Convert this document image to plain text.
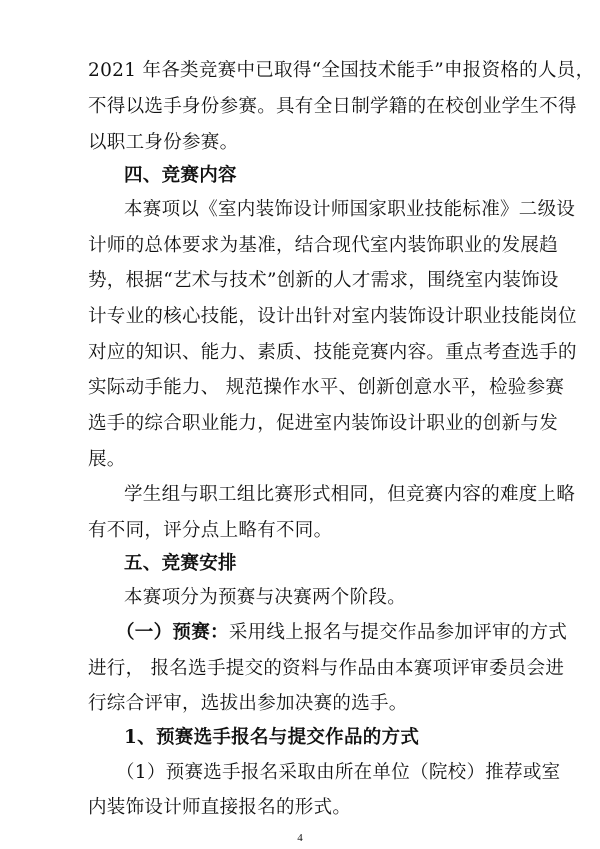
2021 年各类竞赛中已取得“全国技术能手”申报资格的人员，
不得以选手身份参赛。具有全日制学籍的在校创业学生不得
以职工身份参赛。
四、竞赛内容
本赛项以《室内装饰设计师国家职业技能标准》二级设
计师的总体要求为基准，结合现代室内装饰职业的发展趋
势，根据“艺术与技术”创新的人才需求，围绕室内装饰设
计专业的核心技能，设计出针对室内装饰设计职业技能岗位
对应的知识、能力、素质、技能竞赛内容。重点考查选手的
实际动手能力、 规范操作水平、创新创意水平，检验参赛
选手的综合职业能力，促进室内装饰设计职业的创新与发
展。
学生组与职工组比赛形式相同，但竞赛内容的难度上略
有不同，评分点上略有不同。
五、竞赛安排
本赛项分为预赛与决赛两个阶段。
（一）预赛：采用线上报名与提交作品参加评审的方式
进行， 报名选手提交的资料与作品由本赛项评审委员会进
行综合评审，选拔出参加决赛的选手。
1、预赛选手报名与提交作品的方式
（1）预赛选手报名采取由所在单位（院校）推荐或室
内装饰设计师直接报名的形式。
4
